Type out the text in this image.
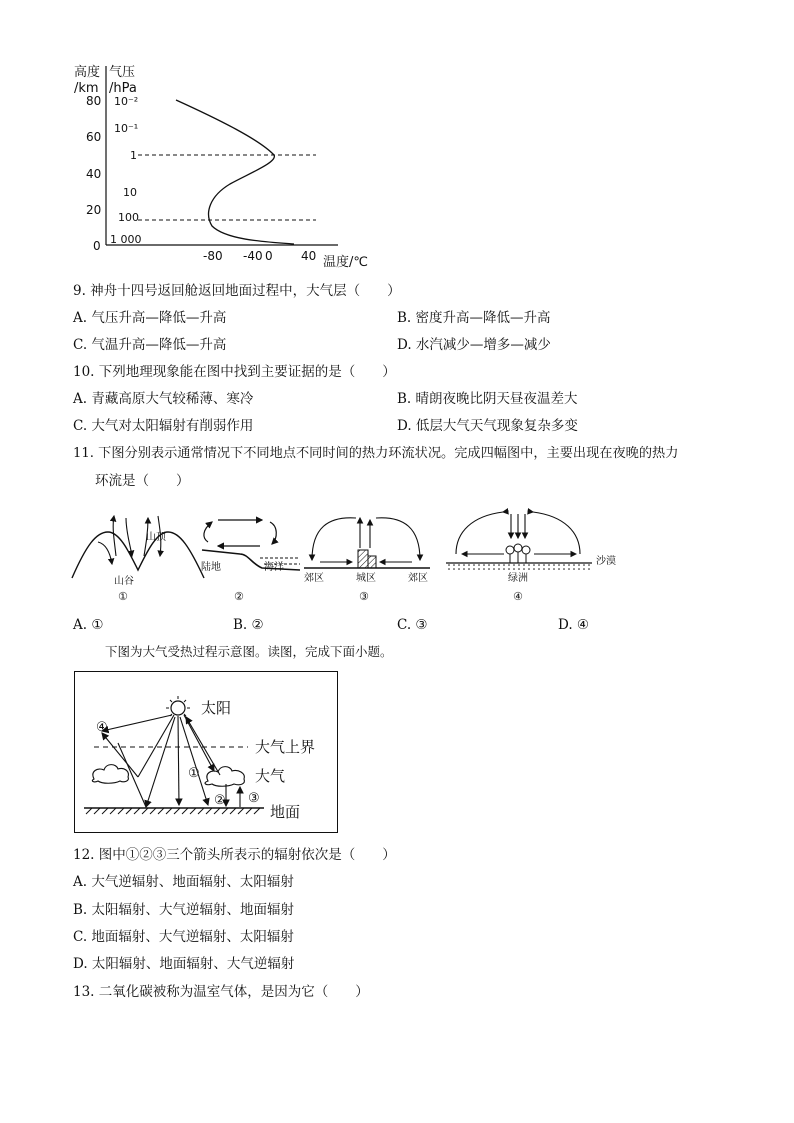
高度
/km
气压
/hPa
80
60
40
20
0
10⁻²
10⁻¹
1
10
100
1 000
-80 -40 0 40 温度/℃
9. 神舟十四号返回舱返回地面过程中，大气层（　　）
A. 气压升高—降低—升高	B. 密度升高—降低—升高
C. 气温升高—降低—升高	D. 水汽减少—增多—减少
10. 下列地理现象能在图中找到主要证据的是（　　）
A. 青藏高原大气较稀薄、寒冷	B. 晴朗夜晚比阴天昼夜温差大
C. 大气对太阳辐射有削弱作用	D. 低层大气天气现象复杂多变
11. 下图分别表示通常情况下不同地点不同时间的热力环流状况。完成四幅图中，主要出现在夜晚的热力
环流是（　　）
山顶
山谷
①
陆地	海洋
②
郊区	城区	郊区
③
绿洲
沙漠
④
A. ①	B. ②	C. ③	D. ④
下图为大气受热过程示意图。读图，完成下面小题。
太阳
大气上界
大气
地面
④
①
② ③
12. 图中①②③三个箭头所表示的辐射依次是（　　）
A. 大气逆辐射、地面辐射、太阳辐射
B. 太阳辐射、大气逆辐射、地面辐射
C. 地面辐射、大气逆辐射、太阳辐射
D. 太阳辐射、地面辐射、大气逆辐射
13. 二氧化碳被称为温室气体，是因为它（　　）
